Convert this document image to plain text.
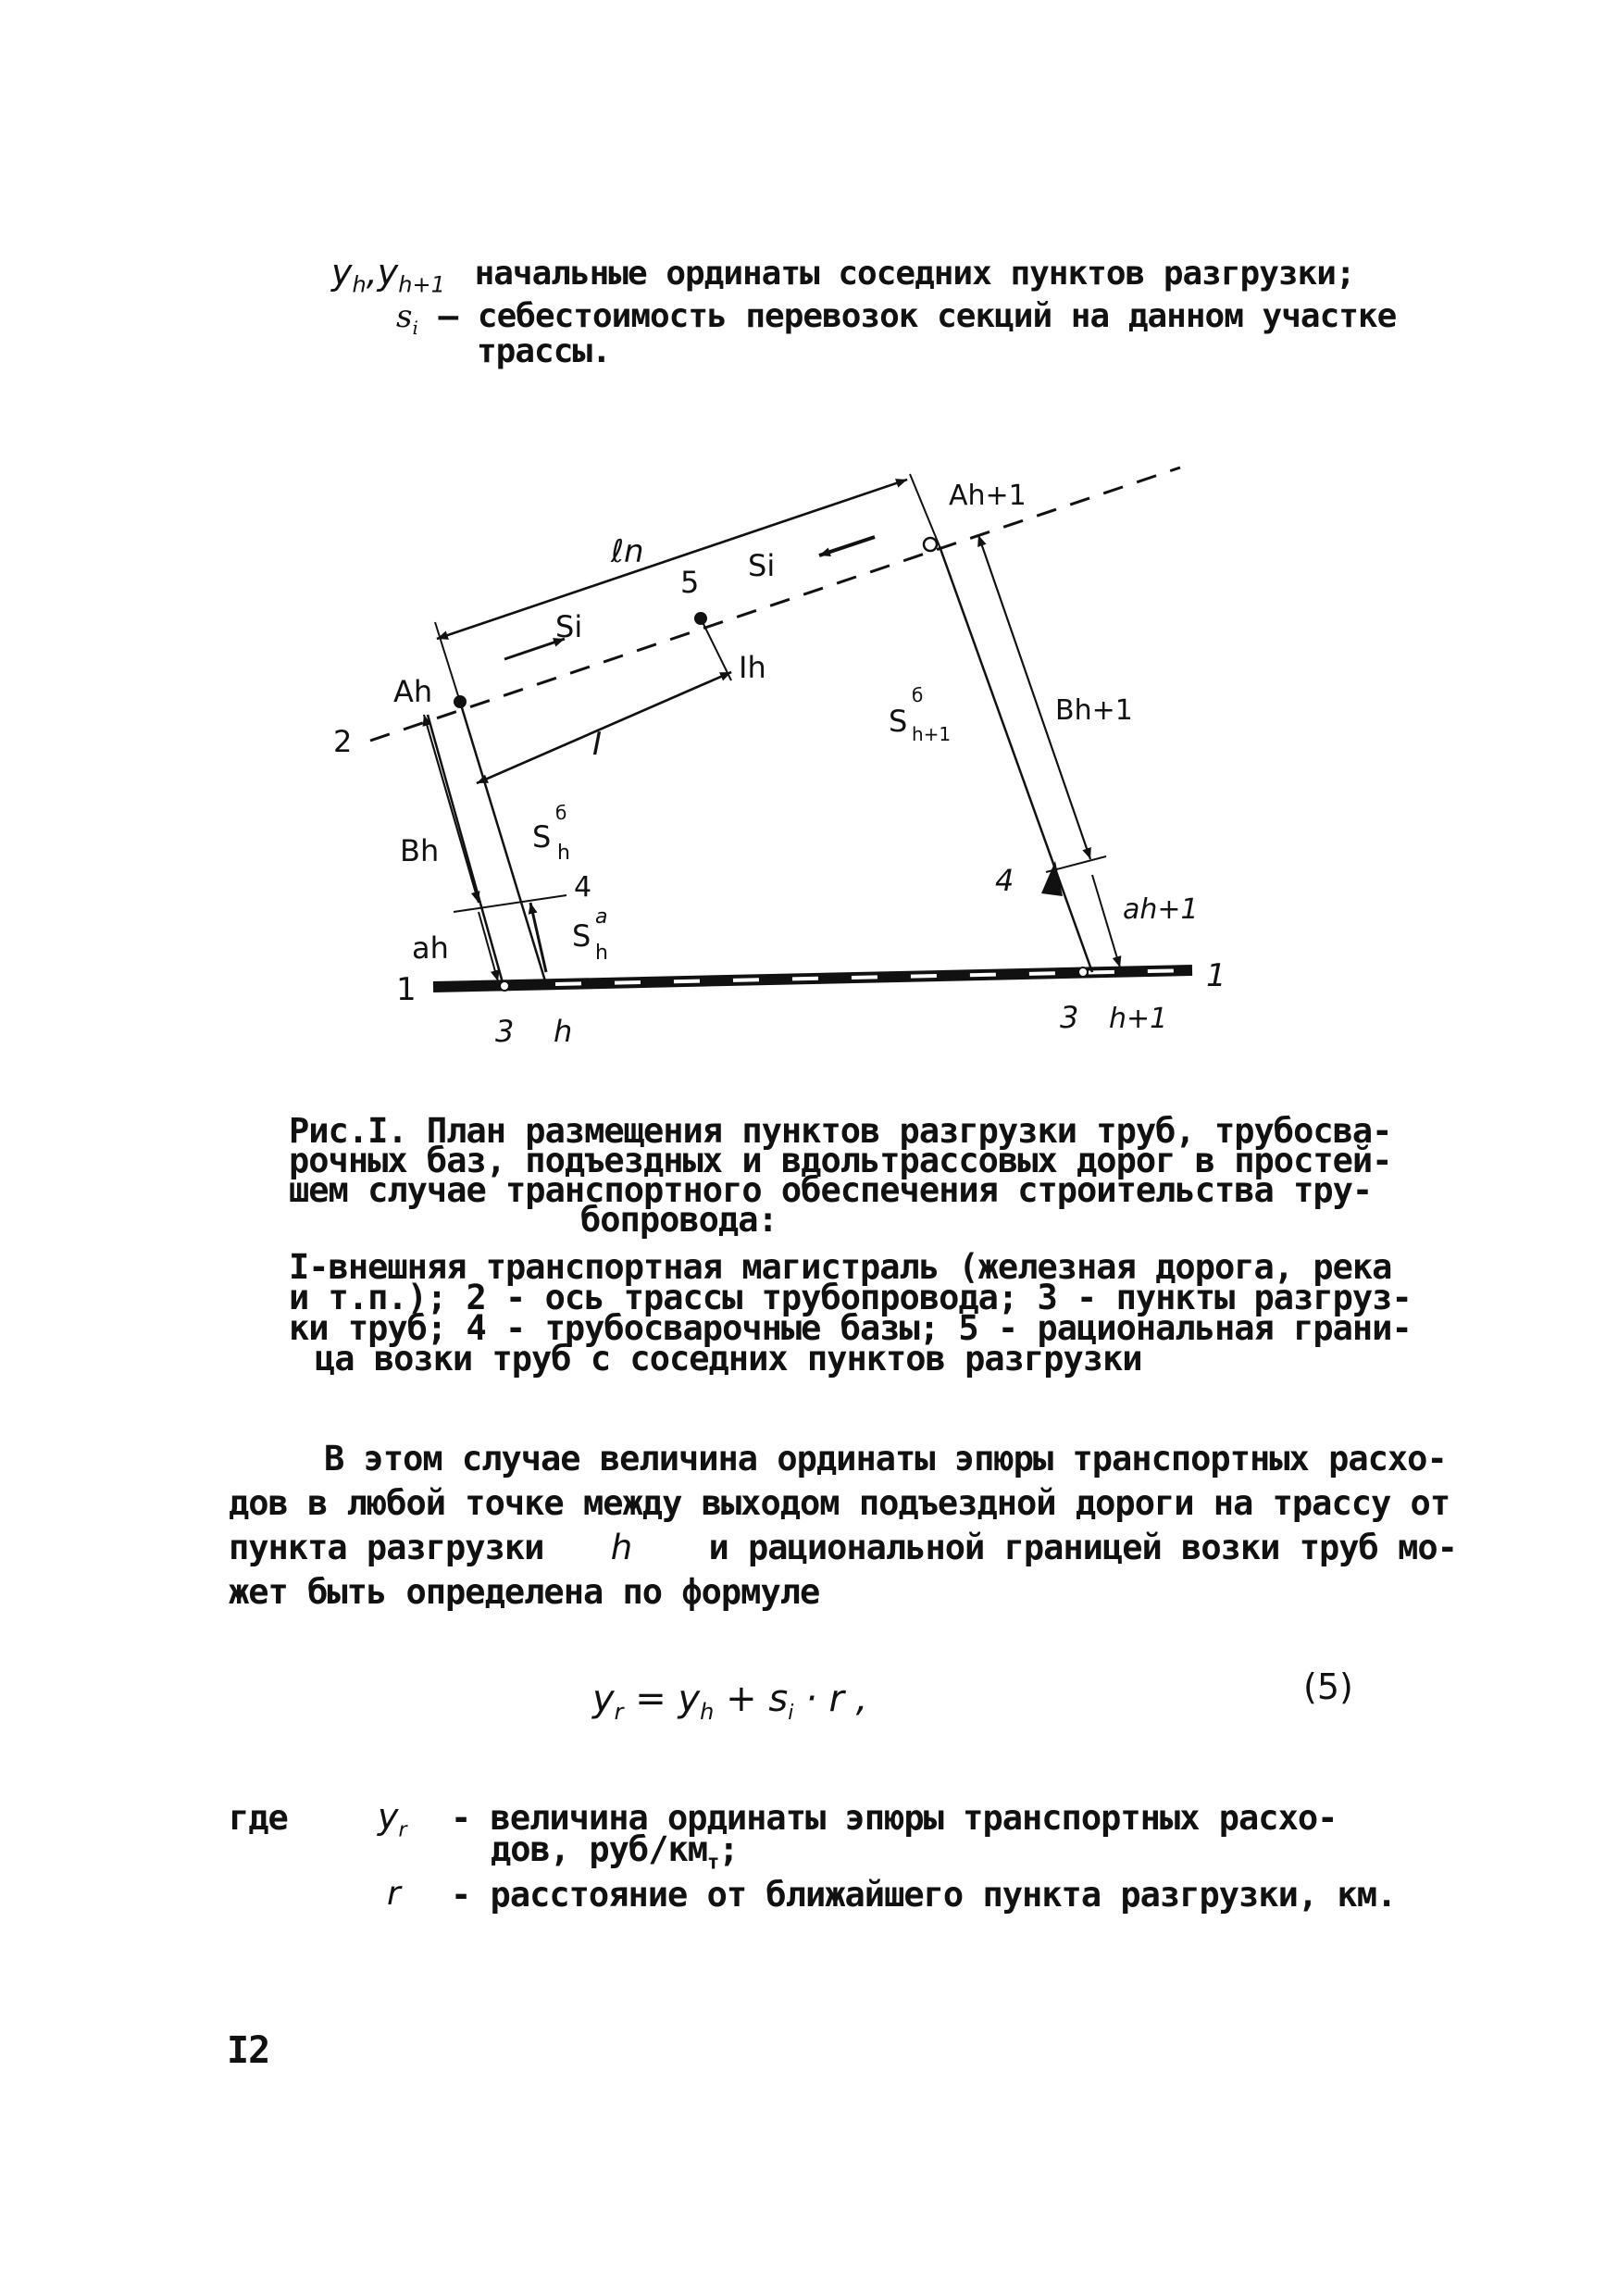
$y_h,y_{h+1}$ начальные ординаты соседних пунктов разгрузки;
$s_i$ – себестоимость перевозок секций на данном участке
трассы.
Ah
Ah+1
ℓn
5
Si
Si
Ih
I
2
Bh	S
б
h
4
S
a
h
ah
1
3 h
S
б
h+1
Bh+1
4
ah+1
1
3 h+1
Рис.I. План размещения пунктов разгрузки труб, трубосва-
рочных баз, подъездных и вдольтрассовых дорог в простей-
шем случае транспортного обеспечения строительства тру-
бопровода:
I-внешняя транспортная магистраль (железная дорога, река
и т.п.); 2 - ось трассы трубопровода; 3 - пункты разгруз-
ки труб; 4 - трубосварочные базы; 5 - рациональная грани-
ца возки труб с соседних пунктов разгрузки
В этом случае величина ординаты эпюры транспортных расхо-
дов в любой точке между выходом подъездной дороги на трассу от
пункта разгрузки h и рациональной границей возки труб мо-
жет быть определена по формуле
$y_r = y_h + s_i \cdot r$ ,	(5)
где	$y_r$ - величина ординаты эпюры транспортных расхо-
дов, руб/$км_т$;
r - расстояние от ближайшего пункта разгрузки, км.
I2
